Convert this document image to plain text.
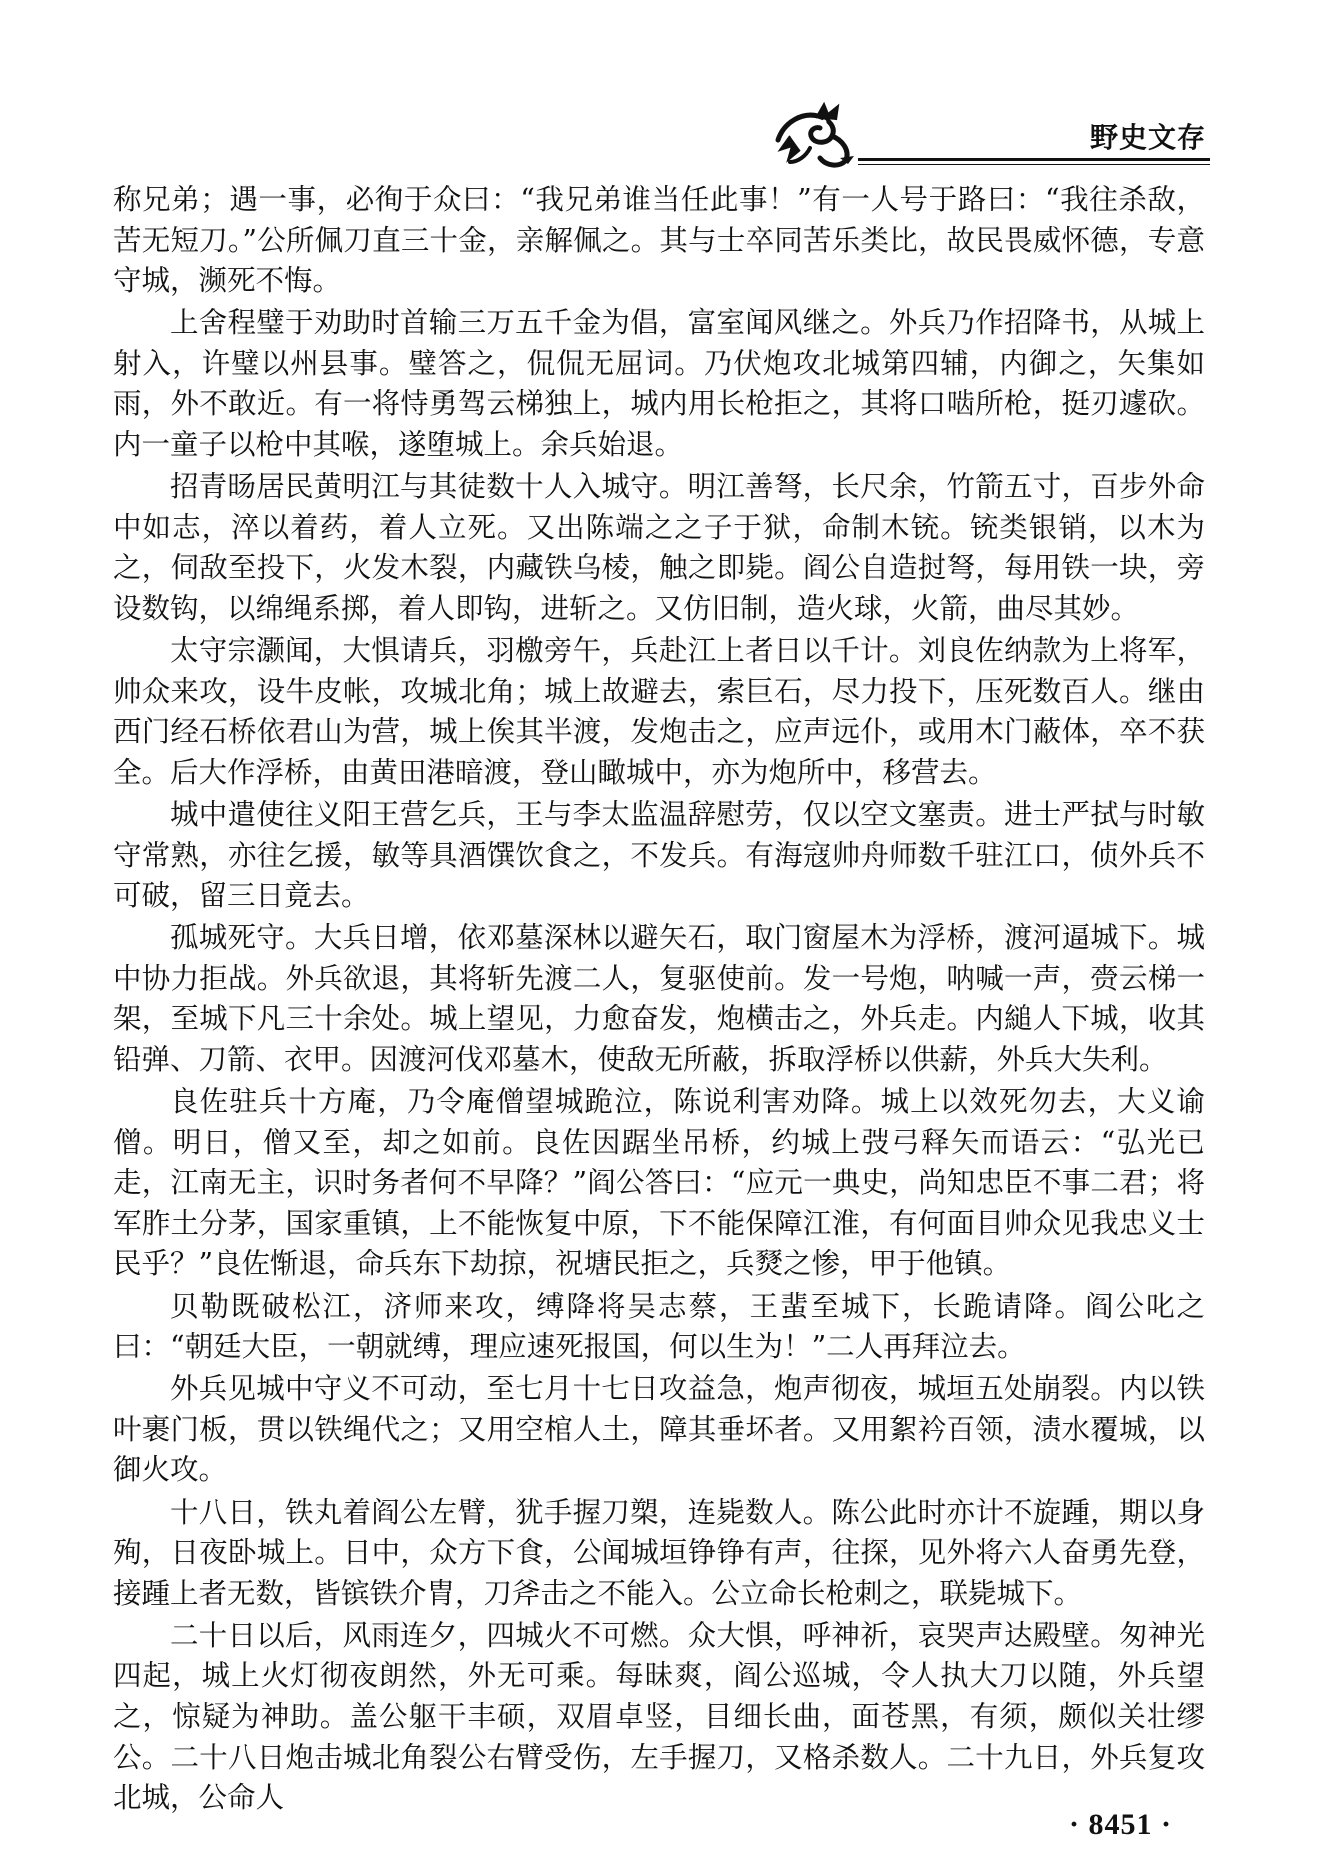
野史文存

称兄弟；遇一事，必徇于众曰：“我兄弟谁当任此事！”有一人号于路曰：“我往杀敌，苦无短刀。”公所佩刀直三十金，亲解佩之。其与士卒同苦乐类比，故民畏威怀德，专意守城，濒死不悔。

上舍程璧于劝助时首输三万五千金为倡，富室闻风继之。外兵乃作招降书，从城上射入，许璧以州县事。璧答之，侃侃无屈词。乃伏炮攻北城第四辅，内御之，矢集如雨，外不敢近。有一将恃勇驾云梯独上，城内用长枪拒之，其将口啮所枪，挺刃遽砍。内一童子以枪中其喉，遂堕城上。余兵始退。

招青旸居民黄明江与其徒数十人入城守。明江善弩，长尺余，竹箭五寸，百步外命中如志，淬以着药，着人立死。又出陈端之之子于狱，命制木铳。铳类银销，以木为之，伺敌至投下，火发木裂，内藏铁乌棱，触之即毙。阎公自造挝弩，每用铁一块，旁设数钩，以绵绳系掷，着人即钩，进斩之。又仿旧制，造火球，火箭，曲尽其妙。

太守宗灏闻，大惧请兵，羽檄旁午，兵赴江上者日以千计。刘良佐纳款为上将军，帅众来攻，设牛皮帐，攻城北角；城上故避去，索巨石，尽力投下，压死数百人。继由西门经石桥依君山为营，城上俟其半渡，发炮击之，应声远仆，或用木门蔽体，卒不获全。后大作浮桥，由黄田港暗渡，登山瞰城中，亦为炮所中，移营去。

城中遣使往义阳王营乞兵，王与李太监温辞慰劳，仅以空文塞责。进士严拭与时敏守常熟，亦往乞援，敏等具酒馔饮食之，不发兵。有海寇帅舟师数千驻江口，侦外兵不可破，留三日竟去。

孤城死守。大兵日增，依邓墓深林以避矢石，取门窗屋木为浮桥，渡河逼城下。城中协力拒战。外兵欲退，其将斩先渡二人，复驱使前。发一号炮，呐喊一声，赍云梯一架，至城下凡三十余处。城上望见，力愈奋发，炮横击之，外兵走。内縋人下城，收其铅弹、刀箭、衣甲。因渡河伐邓墓木，使敌无所蔽，拆取浮桥以供薪，外兵大失利。

良佐驻兵十方庵，乃令庵僧望城跪泣，陈说利害劝降。城上以效死勿去，大义谕僧。明日，僧又至，却之如前。良佐因踞坐吊桥，约城上弢弓释矢而语云：“弘光已走，江南无主，识时务者何不早降？”阎公答曰：“应元一典史，尚知忠臣不事二君；将军胙土分茅，国家重镇，上不能恢复中原，下不能保障江淮，有何面目帅众见我忠义士民乎？”良佐惭退，命兵东下劫掠，祝塘民拒之，兵燹之惨，甲于他镇。

贝勒既破松江，济师来攻，缚降将吴志蔡，王蜚至城下，长跪请降。阎公叱之曰：“朝廷大臣，一朝就缚，理应速死报国，何以生为！”二人再拜泣去。

外兵见城中守义不可动，至七月十七日攻益急，炮声彻夜，城垣五处崩裂。内以铁叶裹门板，贯以铁绳代之；又用空棺人土，障其垂坏者。又用絮衿百领，渍水覆城，以御火攻。

十八日，铁丸着阎公左臂，犹手握刀槊，连毙数人。陈公此时亦计不旋踵，期以身殉，日夜卧城上。日中，众方下食，公闻城垣铮铮有声，往探，见外将六人奋勇先登，接踵上者无数，皆镔铁介胄，刀斧击之不能入。公立命长枪刺之，联毙城下。

二十日以后，风雨连夕，四城火不可燃。众大惧，呼神祈，哀哭声达殿壁。匆神光四起，城上火灯彻夜朗然，外无可乘。每昧爽，阎公巡城，令人执大刀以随，外兵望之，惊疑为神助。盖公躯干丰硕，双眉卓竖，目细长曲，面苍黑，有须，颇似关壮缪公。二十八日炮击城北角裂公右臂受伤，左手握刀，又格杀数人。二十九日，外兵复攻北城，公命人

· 8451 ·
